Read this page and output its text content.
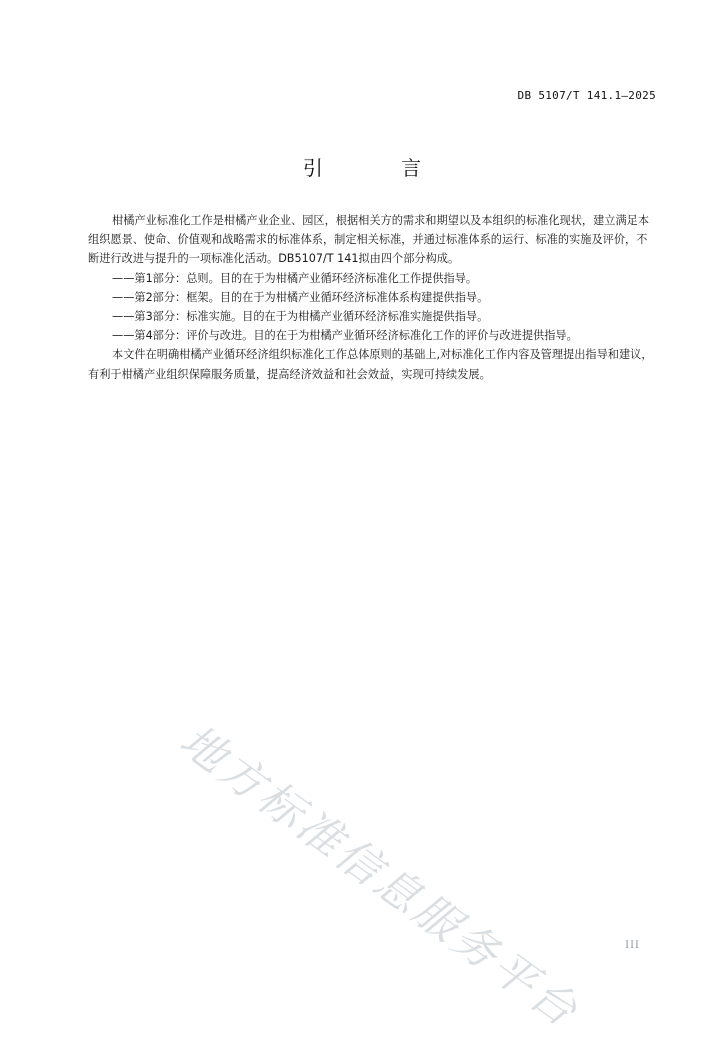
DB 5107/T 141.1—2025
引 言

柑橘产业标准化工作是柑橘产业企业、园区，根据相关方的需求和期望以及本组织的标准化现状，建立满足本组织愿景、使命、价值观和战略需求的标准体系，制定相关标准，并通过标准体系的运行、标准的实施及评价，不断进行改进与提升的一项标准化活动。DB5107/T 141拟由四个部分构成。

——第1部分：总则。目的在于为柑橘产业循环经济标准化工作提供指导。

——第2部分：框架。目的在于为柑橘产业循环经济标准体系构建提供指导。

——第3部分：标准实施。目的在于为柑橘产业循环经济标准实施提供指导。

——第4部分：评价与改进。目的在于为柑橘产业循环经济标准化工作的评价与改进提供指导。

本文件在明确柑橘产业循环经济组织标准化工作总体原则的基础上,对标准化工作内容及管理提出指导和建议，有利于柑橘产业组织保障服务质量，提高经济效益和社会效益，实现可持续发展。

地方标准信息服务平台	III
